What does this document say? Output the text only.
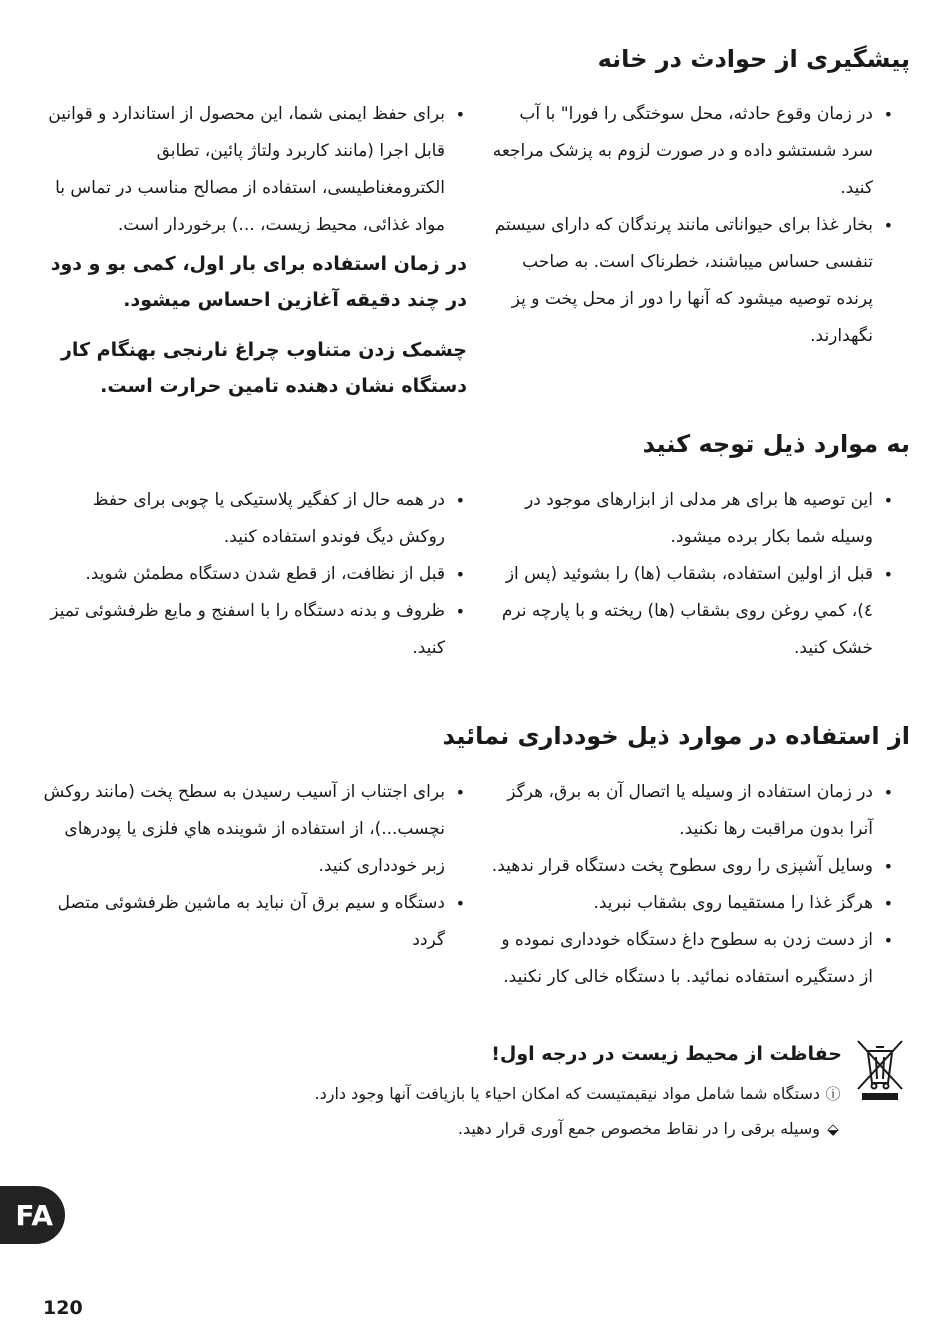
پیشگیری از حوادث در خانه
•
در زمان وقوع حادثه، محل سوختگی را فورا" با آب سرد شستشو داده و در صورت لزوم به پزشک مراجعه کنید.
•
بخار غذا برای حیواناتی مانند پرندگان که دارای سیستم تنفسی حساس میباشند، خطرناک است. به صاحب پرنده توصیه میشود که آنها را دور از محل پخت و پز نگهدارند.
•
برای حفظ ایمنی شما، این محصول از استاندارد و قوانین قابل اجرا (مانند کاربرد ولتاژ پائین، تطابق الکترومغناطیسی، استفاده از مصالح مناسب در تماس با مواد غذائی، محیط زیست، ...) برخوردار است.
در زمان استفاده برای بار اول، کمی بو و دود در چند دقیقه آغازین احساس میشود.
چشمک زدن متناوب چراغ نارنجی بهنگام کار دستگاه نشان دهنده تامین حرارت است.
به موارد ذیل توجه کنید
•
این توصیه ها برای هر مدلی از ابزارهای موجود در وسیله شما بکار برده میشود.
•
قبل از اولین استفاده، بشقاب (ها) را بشوئید (پس از ٤)، کمي روغن روی بشقاب (ها) ریخته و با پارچه نرم خشک کنید.
•
در همه حال از کفگیر پلاستیکی یا چوبی برای حفظ روکش دیگ فوندو استفاده کنید.
•
قبل از نظافت، از قطع شدن دستگاه مطمئن شوید.
•
ظروف و بدنه دستگاه را با اسفنج و مایع ظرفشوئی تمیز کنید.
از استفاده در موارد ذیل خودداری نمائید
•
در زمان استفاده از وسیله یا اتصال آن به برق، هرگز آنرا بدون مراقبت رها نکنید.
•
وسایل آشپزی را روی سطوح پخت دستگاه قرار ندهید.
•
هرگز غذا را مستقیما روی بشقاب نبرید.
•
از دست زدن به سطوح داغ دستگاه خودداری نموده و از دستگیره استفاده نمائید. با دستگاه خالی کار نکنید.
•
برای اجتناب از آسیب رسیدن به سطح پخت (مانند روکش نچسب...)، از استفاده از شوینده هاي فلزی یا پودرهای زبر خودداری کنید.
•
دستگاه و سیم برق آن نباید به ماشین ظرفشوئی متصل گردد
حفاظت از محیط زیست در درجه اول!
ⓘدستگاه شما شامل مواد نیقیمتیست که امکان احیاء یا بازیافت آنها وجود دارد.
⬙وسیله برقی را در نقاط مخصوص جمع آوری قرار دهید.
FA
120
